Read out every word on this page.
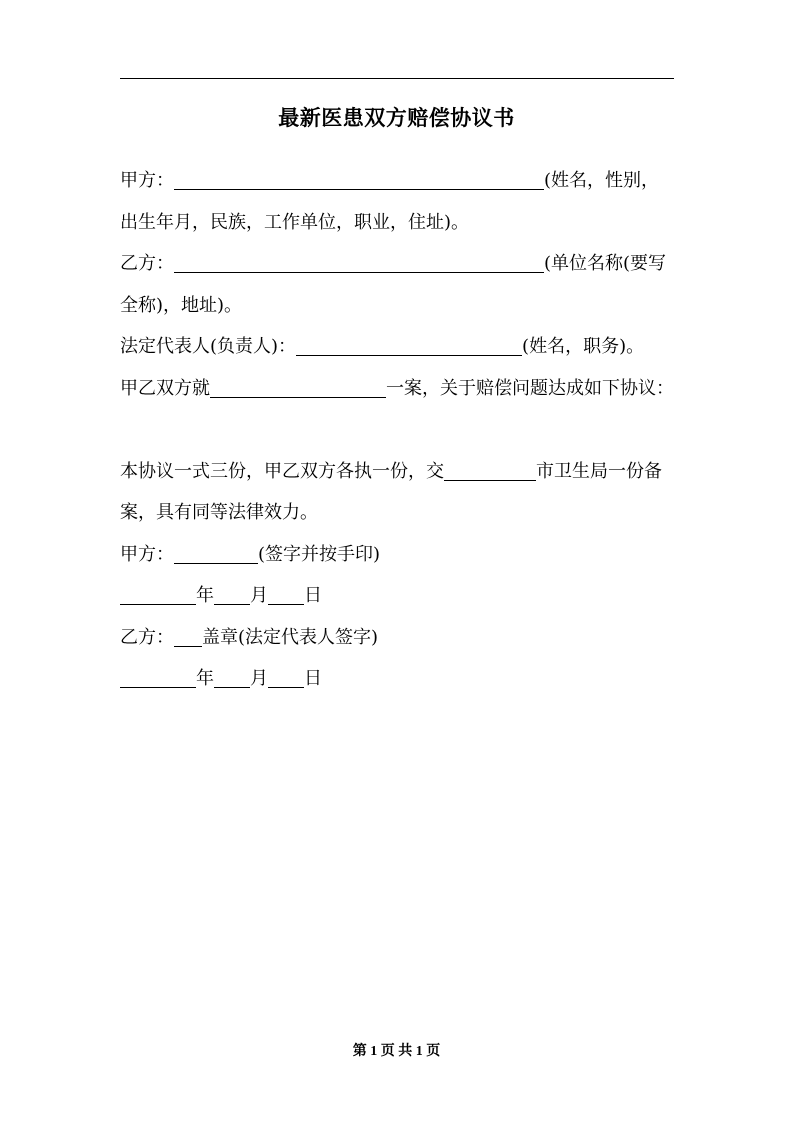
最新医患双方赔偿协议书
甲方：	(姓名，性别，
出生年月，民族，工作单位，职业，住址)。
乙方：	(单位名称(要写
全称)，地址)。
法定代表人(负责人)：	(姓名，职务)。
甲乙双方就	一案，关于赔偿问题达成如下协议：
本协议一式三份，甲乙双方各执一份，交	市卫生局一份备
案，具有同等法律效力。
甲方：	(签字并按手印)
年 月 日
乙方： 盖章(法定代表人签字)
年 月 日
第 1 页 共 1 页
